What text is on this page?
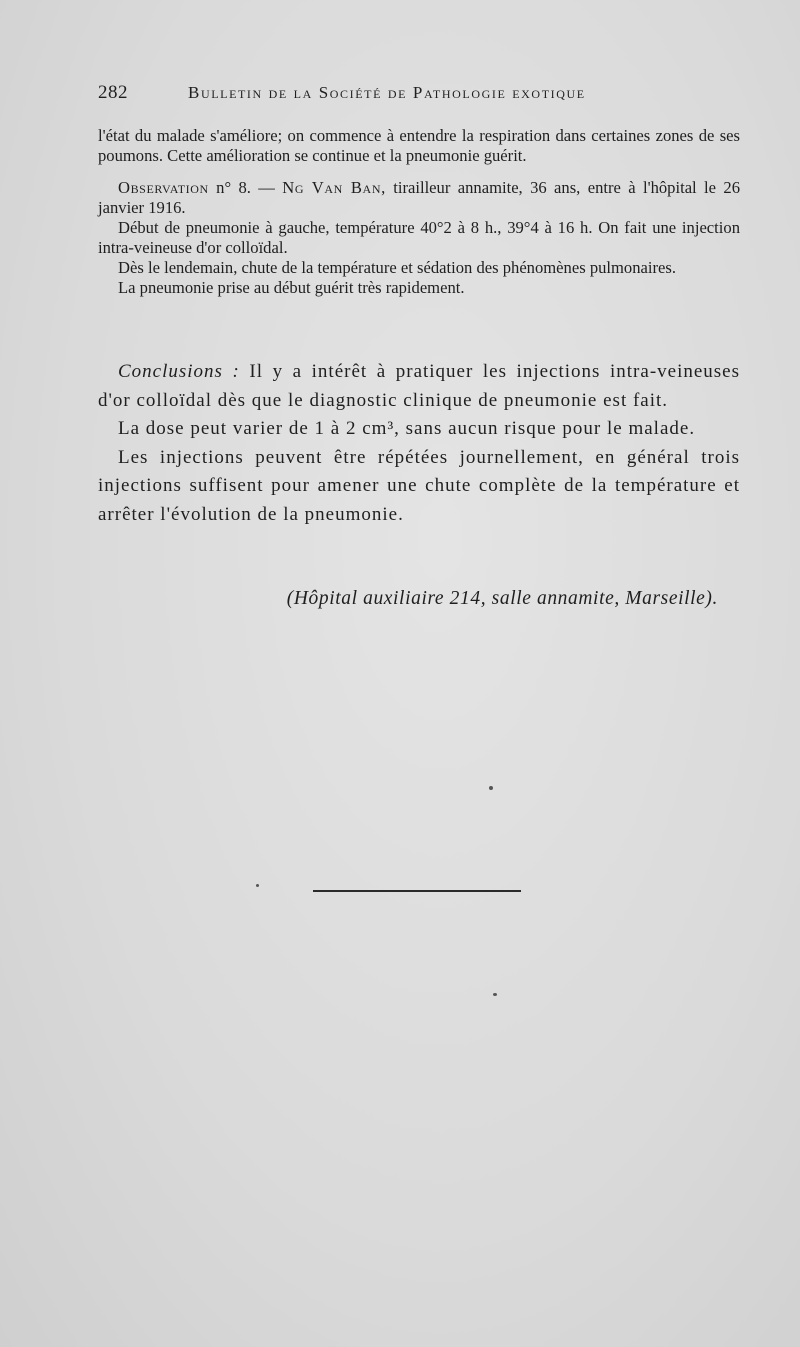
282	Bulletin de la Société de Pathologie exotique

l'état du malade s'améliore; on commence à entendre la respiration dans certaines zones de ses poumons. Cette amélioration se continue et la pneumonie guérit.

Observation n° 8. — Ng Van Ban, tirailleur annamite, 36 ans, entre à l'hôpital le 26 janvier 1916.

Début de pneumonie à gauche, température 40°2 à 8 h., 39°4 à 16 h. On fait une injection intra-veineuse d'or colloïdal.

Dès le lendemain, chute de la température et sédation des phénomènes pulmonaires.

La pneumonie prise au début guérit très rapidement.

Conclusions : Il y a intérêt à pratiquer les injections intra-veineuses d'or colloïdal dès que le diagnostic clinique de pneumonie est fait.

La dose peut varier de 1 à 2 cm³, sans aucun risque pour le malade.

Les injections peuvent être répétées journellement, en général trois injections suffisent pour amener une chute complète de la température et arrêter l'évolution de la pneumonie.

(Hôpital auxiliaire 214, salle annamite, Marseille).
